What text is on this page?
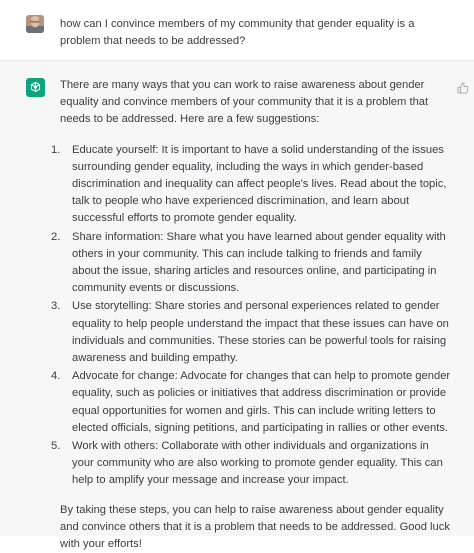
how can I convince members of my community that gender equality is a problem that needs to be addressed?

There are many ways that you can work to raise awareness about gender equality and convince members of your community that it is a problem that needs to be addressed. Here are a few suggestions:

1.	Educate yourself: It is important to have a solid understanding of the issues surrounding gender equality, including the ways in which gender-based discrimination and inequality can affect people's lives. Read about the topic, talk to people who have experienced discrimination, and learn about successful efforts to promote gender equality.
2.	Share information: Share what you have learned about gender equality with others in your community. This can include talking to friends and family about the issue, sharing articles and resources online, and participating in community events or discussions.
3.	Use storytelling: Share stories and personal experiences related to gender equality to help people understand the impact that these issues can have on individuals and communities. These stories can be powerful tools for raising awareness and building empathy.
4.	Advocate for change: Advocate for changes that can help to promote gender equality, such as policies or initiatives that address discrimination or provide equal opportunities for women and girls. This can include writing letters to elected officials, signing petitions, and participating in rallies or other events.
5.	Work with others: Collaborate with other individuals and organizations in your community who are also working to promote gender equality. This can help to amplify your message and increase your impact.

By taking these steps, you can help to raise awareness about gender equality and convince others that it is a problem that needs to be addressed. Good luck with your efforts!
